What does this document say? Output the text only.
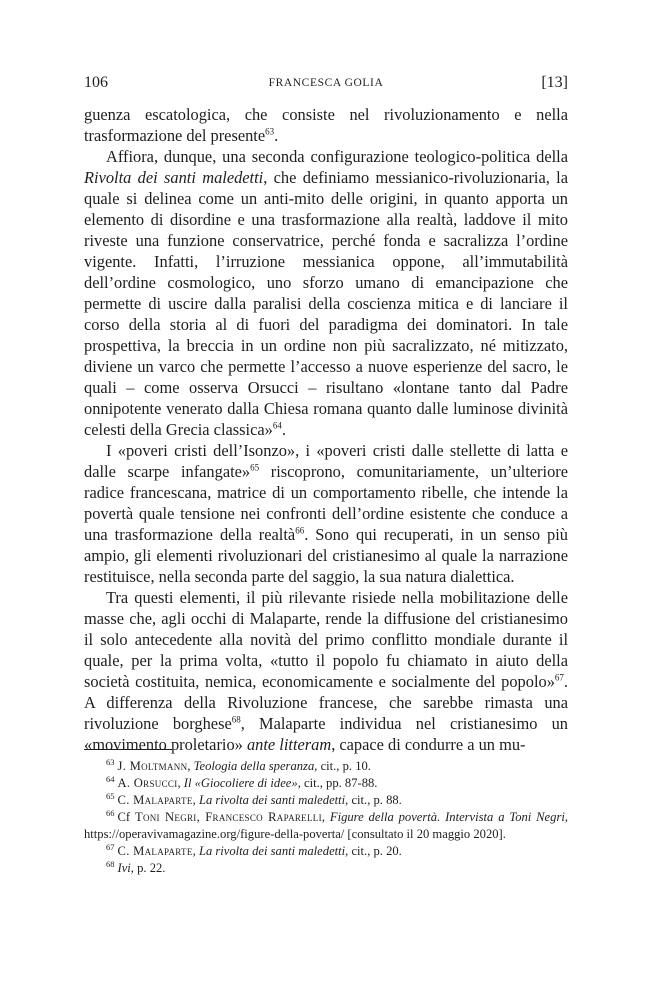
106	FRANCESCA GOLIA	[13]

guenza escatologica, che consiste nel rivoluzionamento e nella trasformazione del presente$^{63}$.

Affiora, dunque, una seconda configurazione teologico-politica della Rivolta dei santi maledetti, che definiamo messianico-rivoluzionaria, la quale si delinea come un anti-mito delle origini, in quanto apporta un elemento di disordine e una trasformazione alla realtà, laddove il mito riveste una funzione conservatrice, perché fonda e sacralizza l’ordine vigente. Infatti, l’irruzione messianica oppone, all’immutabilità dell’ordine cosmologico, uno sforzo umano di emancipazione che permette di uscire dalla paralisi della coscienza mitica e di lanciare il corso della storia al di fuori del paradigma dei dominatori. In tale prospettiva, la breccia in un ordine non più sacralizzato, né mitizzato, diviene un varco che permette l’accesso a nuove esperienze del sacro, le quali – come osserva Orsucci – risultano «lontane tanto dal Padre onnipotente venerato dalla Chiesa romana quanto dalle luminose divinità celesti della Grecia classica»$^{64}$.

I «poveri cristi dell’Isonzo», i «poveri cristi dalle stellette di latta e dalle scarpe infangate»$^{65}$ riscoprono, comunitariamente, un’ulteriore radice francescana, matrice di un comportamento ribelle, che intende la povertà quale tensione nei confronti dell’ordine esistente che conduce a una trasformazione della realtà$^{66}$. Sono qui recuperati, in un senso più ampio, gli elementi rivoluzionari del cristianesimo al quale la narrazione restituisce, nella seconda parte del saggio, la sua natura dialettica.

Tra questi elementi, il più rilevante risiede nella mobilitazione delle masse che, agli occhi di Malaparte, rende la diffusione del cristianesimo il solo antecedente alla novità del primo conflitto mondiale durante il quale, per la prima volta, «tutto il popolo fu chiamato in aiuto della società costituita, nemica, economicamente e socialmente del popolo»$^{67}$. A differenza della Rivoluzione francese, che sarebbe rimasta una rivoluzione borghese$^{68}$, Malaparte individua nel cristianesimo un «movimento proletario» ante litteram, capace di condurre a un mu-

$^{63}$ J. Moltmann, Teologia della speranza, cit., p. 10.

$^{64}$ A. Orsucci, Il «Giocoliere di idee», cit., pp. 87-88.

$^{65}$ C. Malaparte, La rivolta dei santi maledetti, cit., p. 88.

$^{66}$ Cf Toni Negri, Francesco Raparelli, Figure della povertà. Intervista a Toni Negri, https://operavivamagazine.org/figure-della-poverta/ [consultato il 20 maggio 2020].

$^{67}$ C. Malaparte, La rivolta dei santi maledetti, cit., p. 20.

$^{68}$ Ivi, p. 22.
